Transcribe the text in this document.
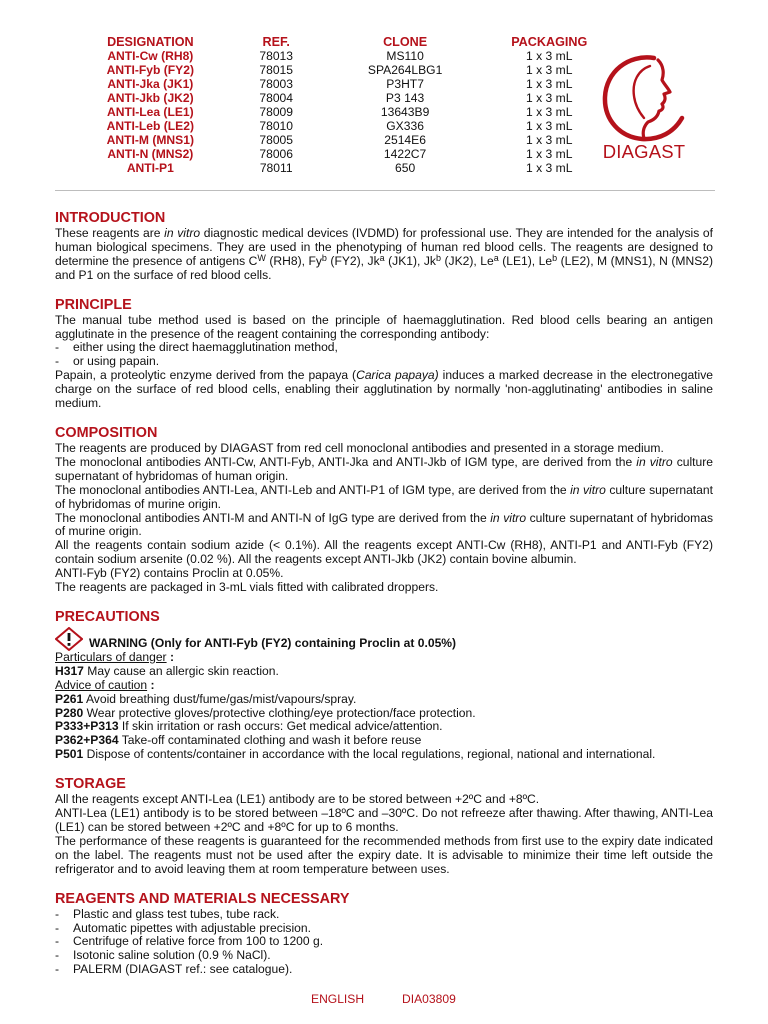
DESIGNATION	REF.	CLONE	PACKAGING
ANTI-Cw (RH8)	78013	MS110	1 x 3 mL
ANTI-Fyb (FY2)	78015	SPA264LBG1	1 x 3 mL
ANTI-Jka (JK1)	78003	P3HT7	1 x 3 mL
ANTI-Jkb (JK2)	78004	P3 143	1 x 3 mL
ANTI-Lea (LE1)	78009	13643B9	1 x 3 mL
ANTI-Leb (LE2)	78010	GX336	1 x 3 mL
ANTI-M (MNS1)	78005	2514E6	1 x 3 mL
ANTI-N (MNS2)	78006	1422C7	1 x 3 mL
ANTI-P1	78011	650	1 x 3 mL
DIAGAST
INTRODUCTION

These reagents are in vitro diagnostic medical devices (IVDMD) for professional use. They are intended for the analysis of human biological specimens. They are used in the phenotyping of human red blood cells. The reagents are designed to determine the presence of antigens $C^W$ (RH8), Fy$^b$ (FY2), Jk$^a$ (JK1), Jk$^b$ (JK2), Le$^a$ (LE1), Le$^b$ (LE2), M (MNS1), N (MNS2) and P1 on the surface of red blood cells.

PRINCIPLE

The manual tube method used is based on the principle of haemagglutination. Red blood cells bearing an antigen agglutinate in the presence of the reagent containing the corresponding antibody:

- either using the direct haemagglutination method,
- or using papain.

Papain, a proteolytic enzyme derived from the papaya (Carica papaya) induces a marked decrease in the electronegative charge on the surface of red blood cells, enabling their agglutination by normally 'non-agglutinating' antibodies in saline medium.

COMPOSITION

The reagents are produced by DIAGAST from red cell monoclonal antibodies and presented in a storage medium.

The monoclonal antibodies ANTI-Cw, ANTI-Fyb, ANTI-Jka and ANTI-Jkb of IGM type, are derived from the in vitro culture supernatant of hybridomas of human origin.

The monoclonal antibodies ANTI-Lea, ANTI-Leb and ANTI-P1 of IGM type, are derived from the in vitro culture supernatant of hybridomas of murine origin.

The monoclonal antibodies ANTI-M and ANTI-N of IgG type are derived from the in vitro culture supernatant of hybridomas of murine origin.

All the reagents contain sodium azide (< 0.1%). All the reagents except ANTI-Cw (RH8), ANTI-P1 and ANTI-Fyb (FY2) contain sodium arsenite (0.02 %). All the reagents except ANTI-Jkb (JK2) contain bovine albumin.

ANTI-Fyb (FY2) contains Proclin at 0.05%.

The reagents are packaged in 3-mL vials fitted with calibrated droppers.

PRECAUTIONS
WARNING (Only for ANTI-Fyb (FY2) containing Proclin at 0.05%)
Particulars of danger :
H317 May cause an allergic skin reaction.
Advice of caution :
P261 Avoid breathing dust/fume/gas/mist/vapours/spray.
P280 Wear protective gloves/protective clothing/eye protection/face protection.
P333+P313 If skin irritation or rash occurs: Get medical advice/attention.
P362+P364 Take-off contaminated clothing and wash it before reuse
P501 Dispose of contents/container in accordance with the local regulations, regional, national and international.
STORAGE

All the reagents except ANTI-Lea (LE1) antibody are to be stored between +2ºC and +8ºC.

ANTI-Lea (LE1) antibody is to be stored between –18ºC and –30ºC. Do not refreeze after thawing. After thawing, ANTI-Lea (LE1) can be stored between +2ºC and +8ºC for up to 6 months.

The performance of these reagents is guaranteed for the recommended methods from first use to the expiry date indicated on the label. The reagents must not be used after the expiry date. It is advisable to minimize their time left outside the refrigerator and to avoid leaving them at room temperature between uses.

REAGENTS AND MATERIALS NECESSARY
- Plastic and glass test tubes, tube rack.
- Automatic pipettes with adjustable precision.
- Centrifuge of relative force from 100 to 1200 g.
- Isotonic saline solution (0.9 % NaCl).
- PALERM (DIAGAST ref.: see catalogue).
ENGLISH	DIA03809
